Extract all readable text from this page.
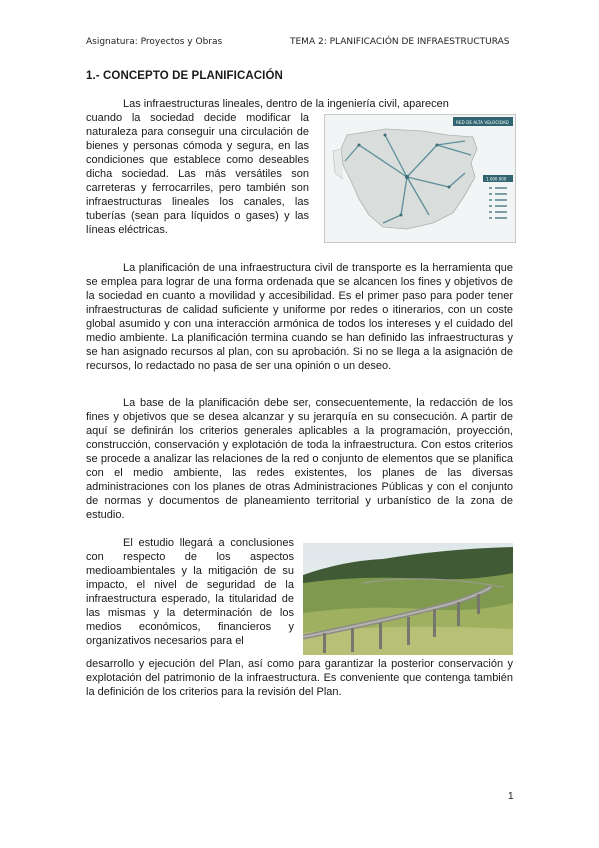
Asignatura: Proyectos y Obras	TEMA 2: PLANIFICACIÓN DE INFRAESTRUCTURAS
1.- CONCEPTO DE PLANIFICACIÓN

Las infraestructuras lineales, dentro de la ingeniería civil, aparecen

cuando la sociedad decide modificar la naturaleza para conseguir una circulación de bienes y personas cómoda y segura, en las condiciones que establece como deseables dicha sociedad. Las más versátiles son carreteras y ferrocarriles, pero también son infraestructuras lineales los canales, las tuberías (sean para líquidos o gases) y las líneas eléctricas.

RED DE ALTA VELOCIDAD
1.000.000

La planificación de una infraestructura civil de transporte es la herramienta que se emplea para lograr de una forma ordenada que se alcancen los fines y objetivos de la sociedad en cuanto a movilidad y accesibilidad. Es el primer paso para poder tener infraestructuras de calidad suficiente y uniforme por redes o itinerarios, con un coste global asumido y con una interacción armónica de todos los intereses y el cuidado del medio ambiente. La planificación termina cuando se han definido las infraestructuras y se han asignado recursos al plan, con su aprobación. Si no se llega a la asignación de recursos, lo redactado no pasa de ser una opinión o un deseo.

La base de la planificación debe ser, consecuentemente, la redacción de los fines y objetivos que se desea alcanzar y su jerarquía en su consecución. A partir de aquí se definirán los criterios generales aplicables a la programación, proyección, construcción, conservación y explotación de toda la infraestructura. Con estos criterios se procede a analizar las relaciones de la red o conjunto de elementos que se planifica con el medio ambiente, las redes existentes, los planes de las diversas administraciones con los planes de otras Administraciones Públicas y con el conjunto de normas y documentos de planeamiento territorial y urbanístico de la zona de estudio.

El estudio llegará a conclusiones con respecto de los aspectos medioambientales y la mitigación de su impacto, el nivel de seguridad de la infraestructura esperado, la titularidad de las mismas y la determinación de los medios económicos, financieros y organizativos necesarios para el

desarrollo y ejecución del Plan, así como para garantizar la posterior conservación y explotación del patrimonio de la infraestructura. Es conveniente que contenga también la definición de los criterios para la revisión del Plan.

1
